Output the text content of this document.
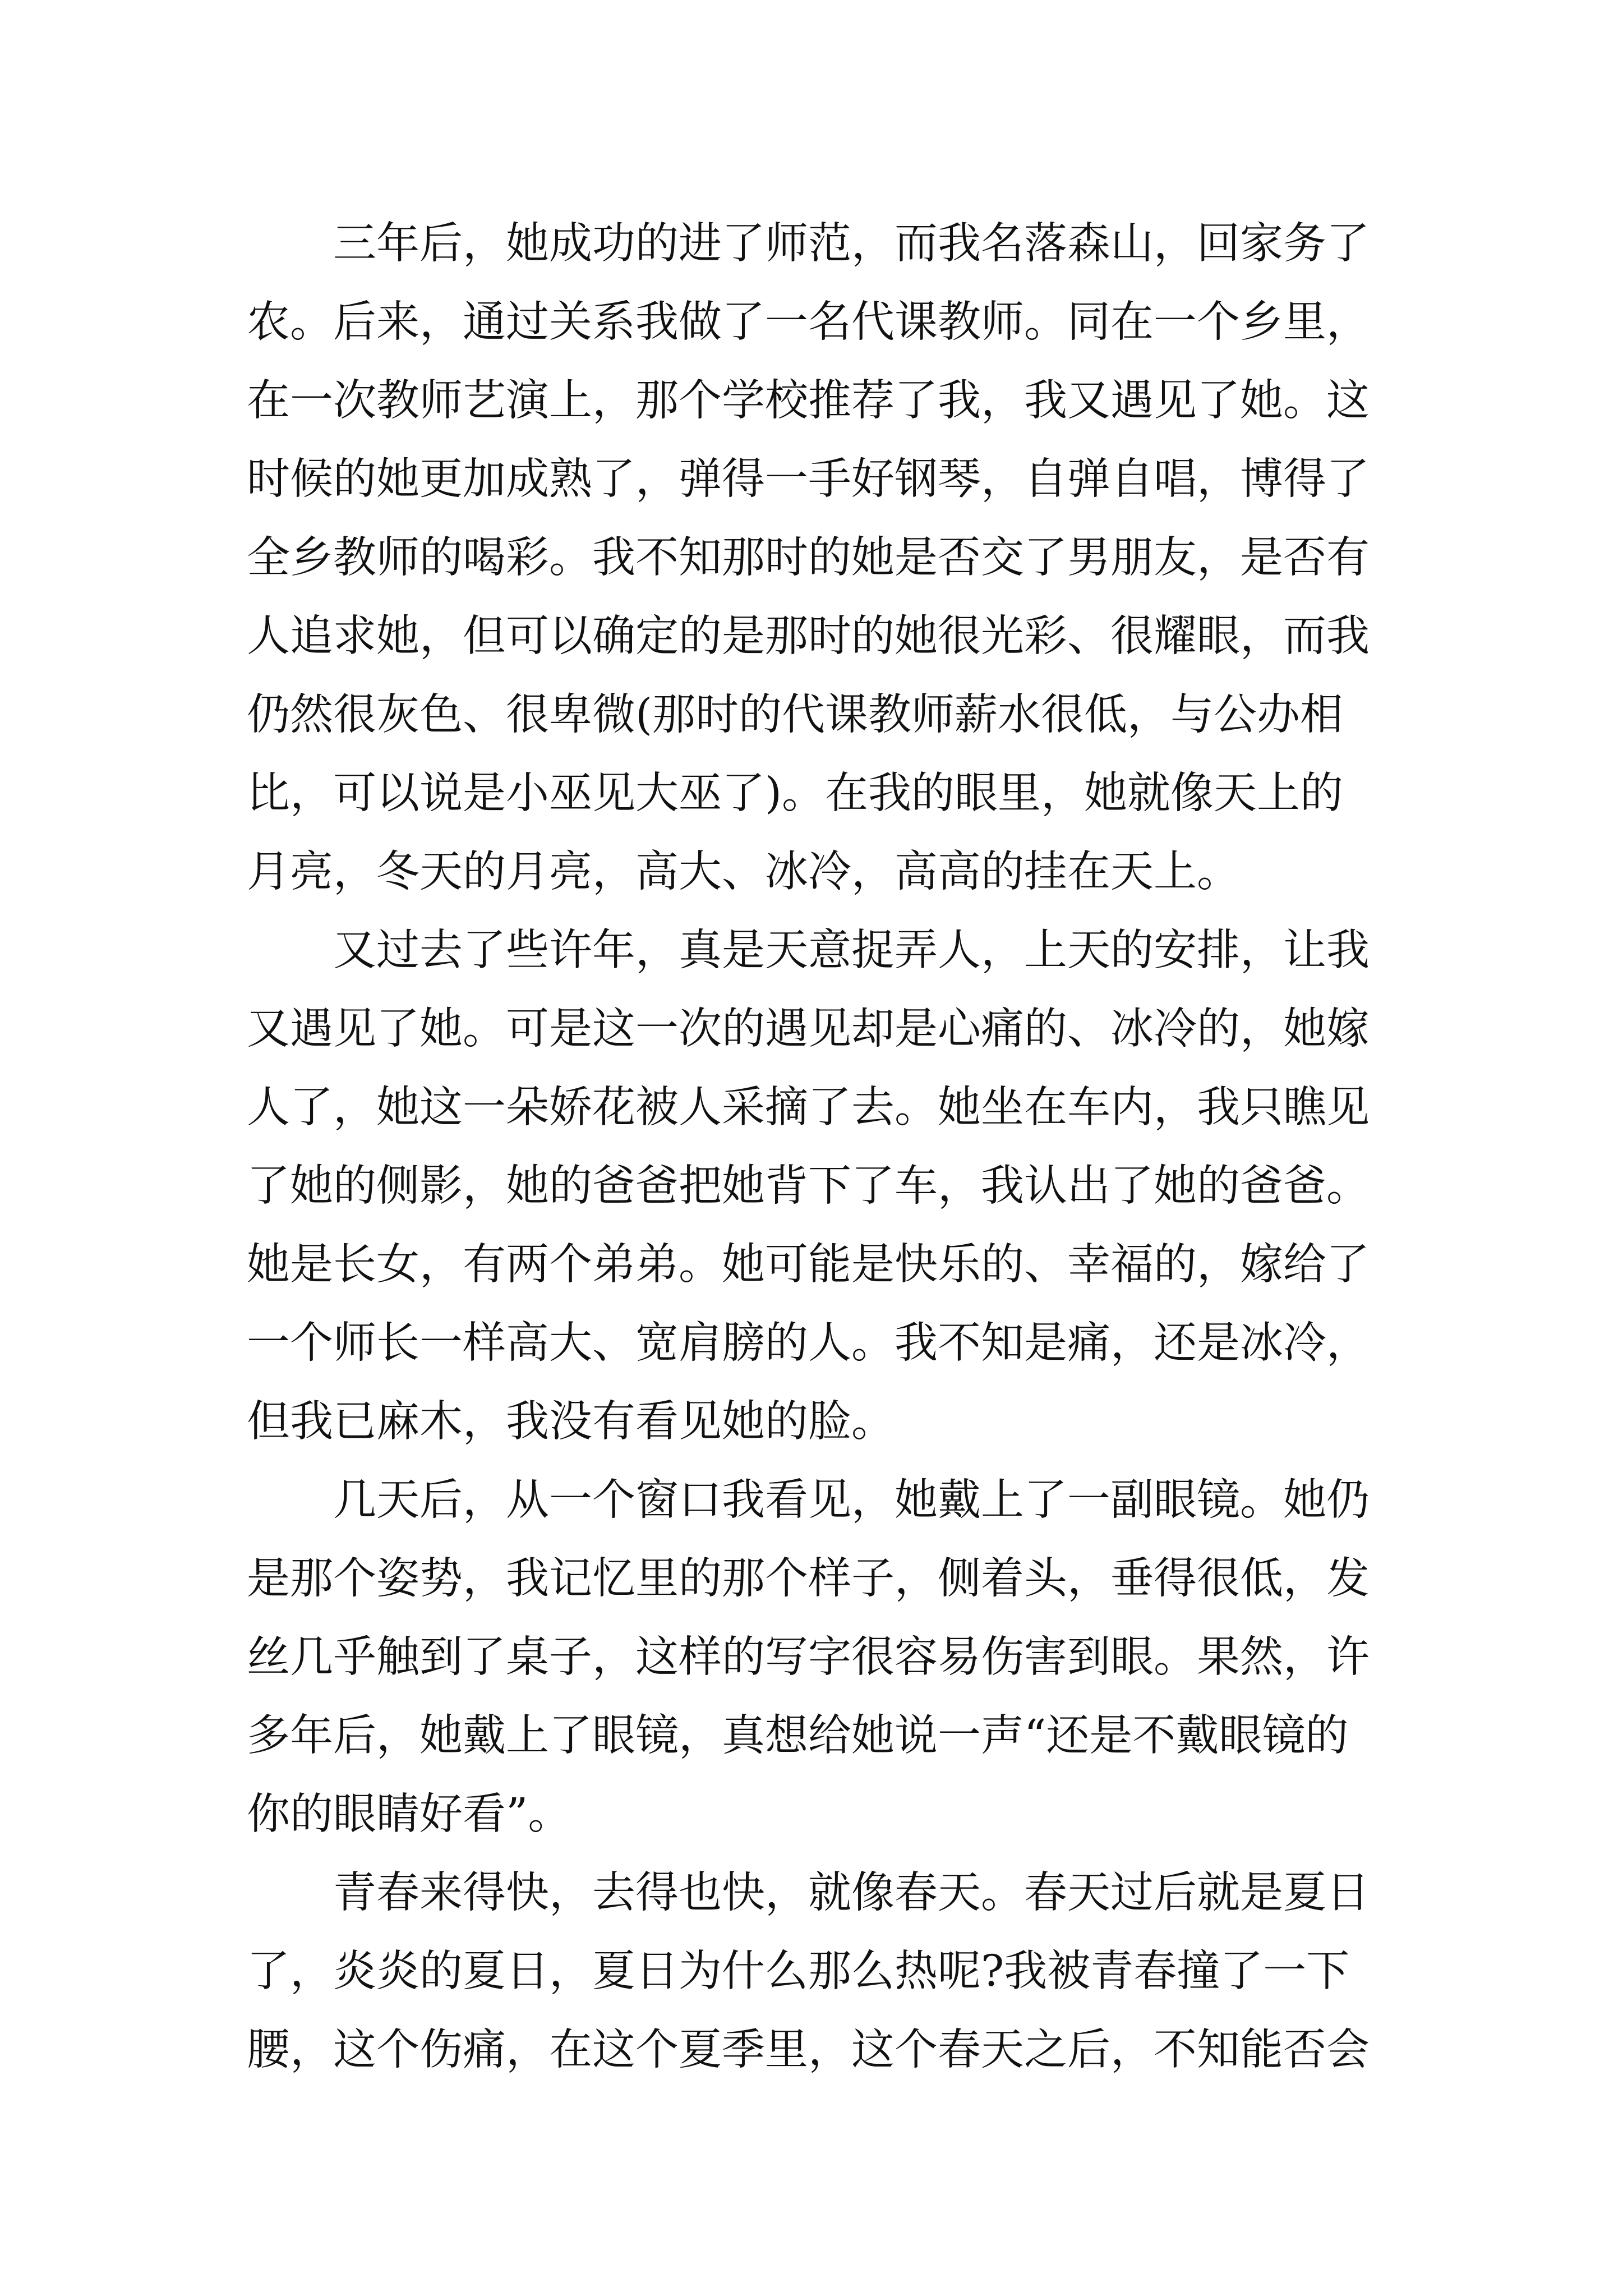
三年后，她成功的进了师范，而我名落森山，回家务了
农。后来，通过关系我做了一名代课教师。同在一个乡里，
在一次教师艺演上，那个学校推荐了我，我又遇见了她。这
时候的她更加成熟了，弹得一手好钢琴，自弹自唱，博得了
全乡教师的喝彩。我不知那时的她是否交了男朋友，是否有
人追求她，但可以确定的是那时的她很光彩、很耀眼，而我
仍然很灰色、很卑微(那时的代课教师薪水很低，与公办相
比，可以说是小巫见大巫了)。在我的眼里，她就像天上的
月亮，冬天的月亮，高大、冰冷，高高的挂在天上。
又过去了些许年，真是天意捉弄人，上天的安排，让我
又遇见了她。可是这一次的遇见却是心痛的、冰冷的，她嫁
人了，她这一朵娇花被人采摘了去。她坐在车内，我只瞧见
了她的侧影，她的爸爸把她背下了车，我认出了她的爸爸。
她是长女，有两个弟弟。她可能是快乐的、幸福的，嫁给了
一个师长一样高大、宽肩膀的人。我不知是痛，还是冰冷，
但我已麻木，我没有看见她的脸。
几天后，从一个窗口我看见，她戴上了一副眼镜。她仍
是那个姿势，我记忆里的那个样子，侧着头，垂得很低，发
丝几乎触到了桌子，这样的写字很容易伤害到眼。果然，许
多年后，她戴上了眼镜，真想给她说一声“还是不戴眼镜的
你的眼睛好看”。
青春来得快，去得也快，就像春天。春天过后就是夏日
了，炎炎的夏日，夏日为什么那么热呢?我被青春撞了一下
腰，这个伤痛，在这个夏季里，这个春天之后，不知能否会
